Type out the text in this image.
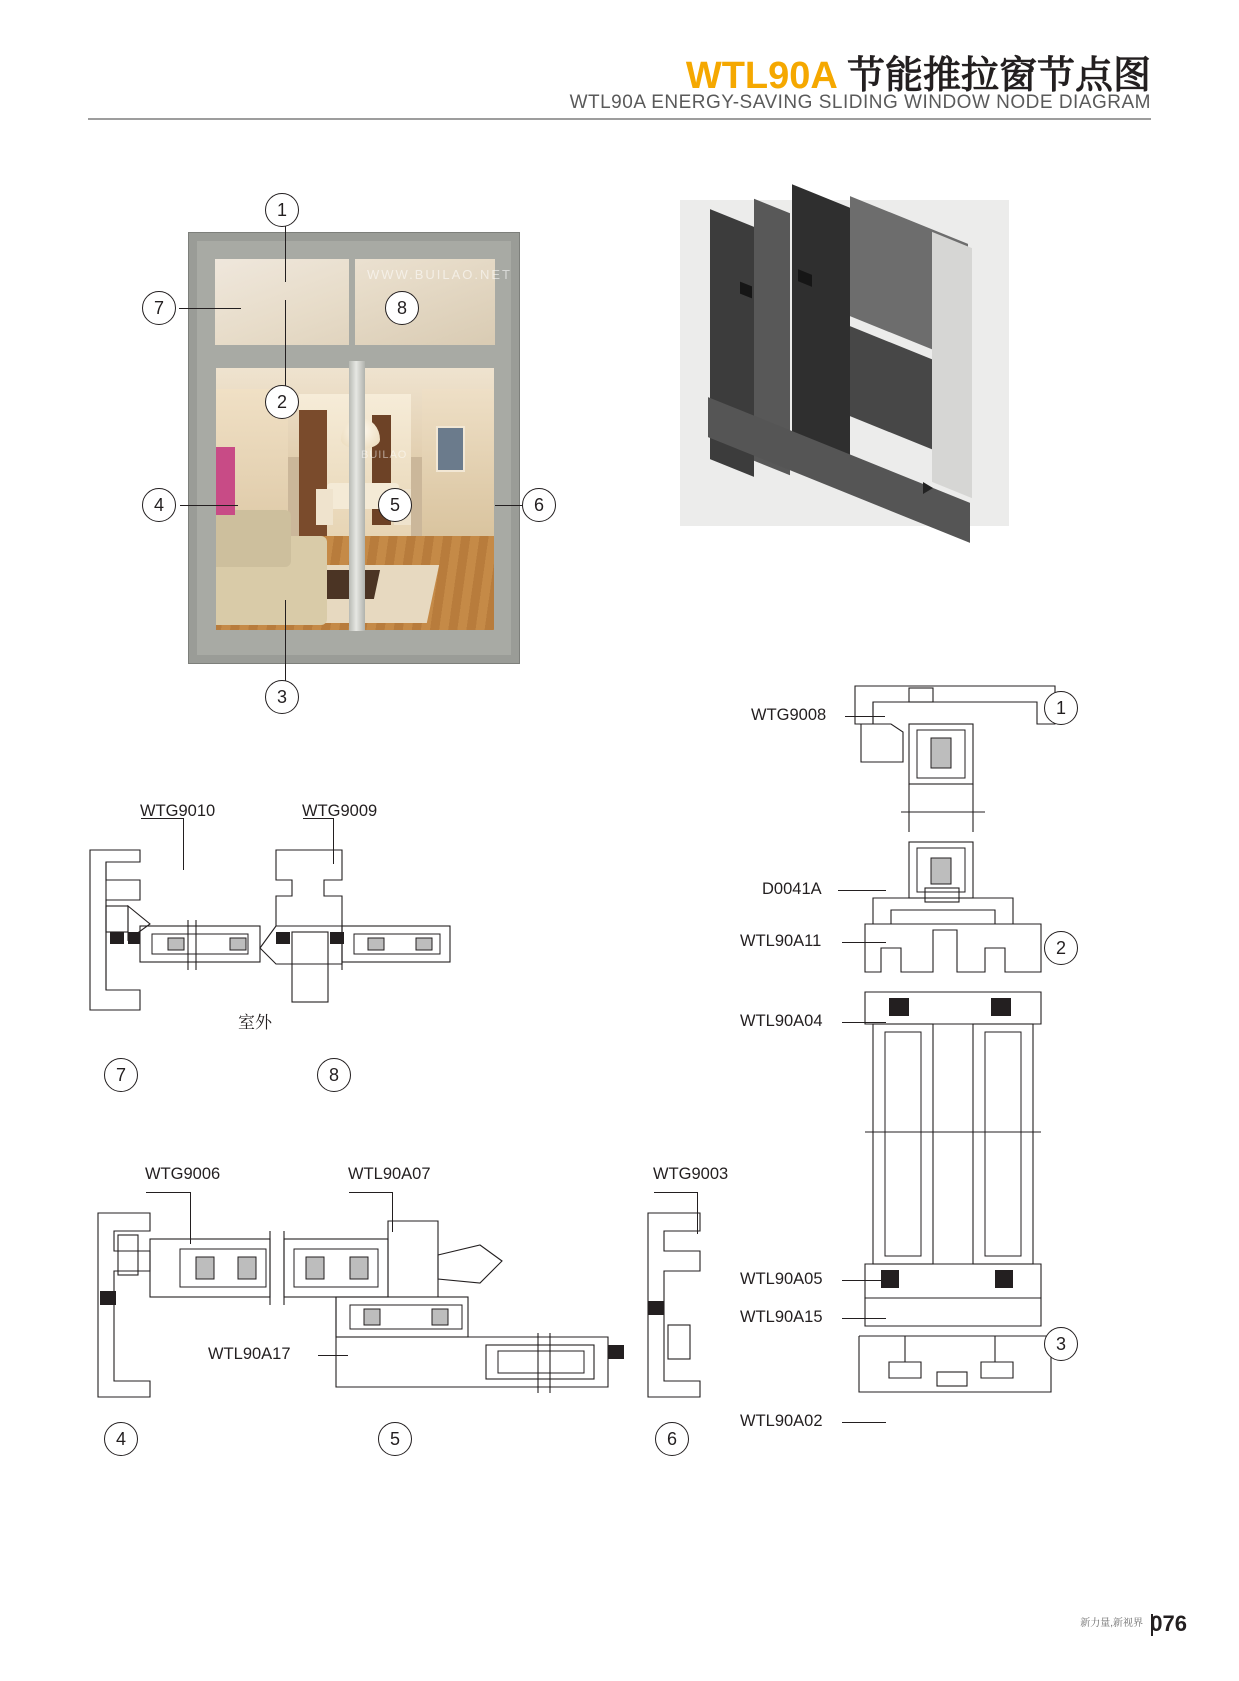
WTL90A 节能推拉窗节点图
WTL90A ENERGY-SAVING SLIDING WINDOW NODE DIAGRAM
WWW.BUILAO.NET
BUILAO
1
7	8
2
4	6
5
3
WTG9010	WTG9009
室外
7	8
WTG9006	WTL90A07	WTG9003
WTL90A17
4	5	6
WTG9008	1
D0041A
WTL90A11	2
WTL90A04
WTL90A05
WTL90A15
WTL90A02
3
新力量,新视界 076
